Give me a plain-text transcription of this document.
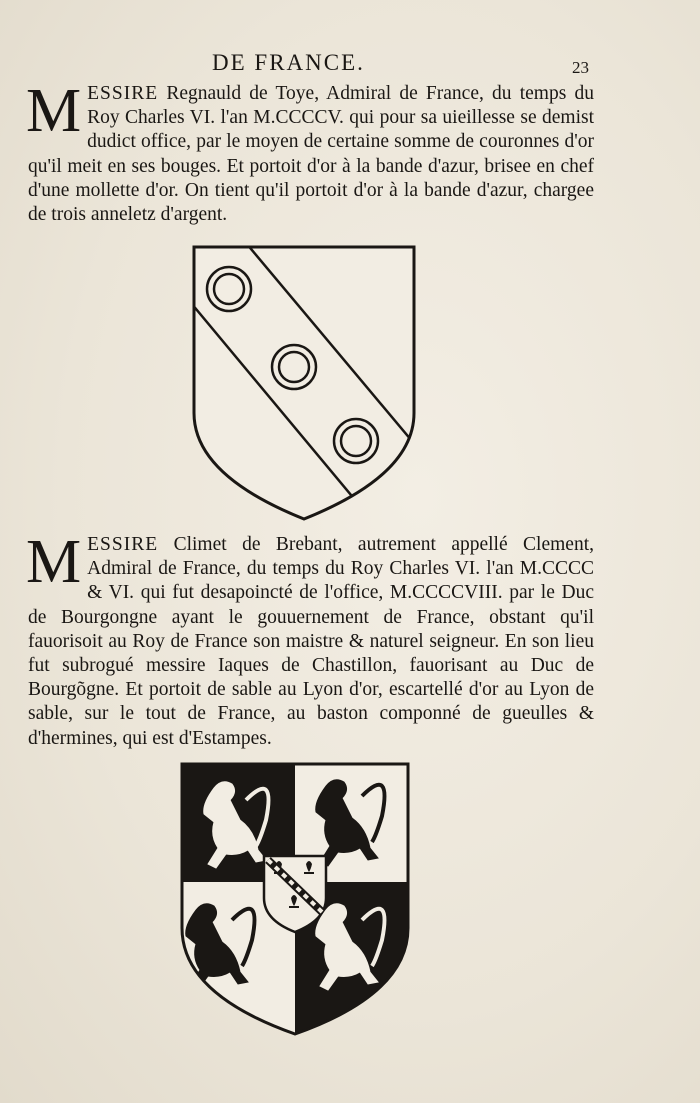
DE FRANCE.	23

MESSIRE Regnauld de Toye, Admiral de France, du temps du Roy Charles VI. l'an M.CCCCV. qui pour sa uieillesse se demist dudict office, par le moyen de certaine somme de couronnes d'or qu'il meit en ses bouges. Et portoit d'or à la bande d'azur, brisee en chef d'une mollette d'or. On tient qu'il portoit d'or à la bande d'azur, chargee de trois anneletz d'argent.

MESSIRE Climet de Brebant, autrement appellé Clement, Admiral de France, du temps du Roy Charles VI. l'an M.CCCC & VI. qui fut desapoincté de l'office, M.CCCCVIII. par le Duc de Bourgongne ayant le gouuernement de France, obstant qu'il fauorisoit au Roy de France son maistre & naturel seigneur. En son lieu fut subrogué messire Iaques de Chastillon, fauorisant au Duc de Bourgõgne. Et portoit de sable au Lyon d'or, escartellé d'or au Lyon de sable, sur le tout de France, au baston componné de gueulles & d'hermines, qui est d'Estampes.
